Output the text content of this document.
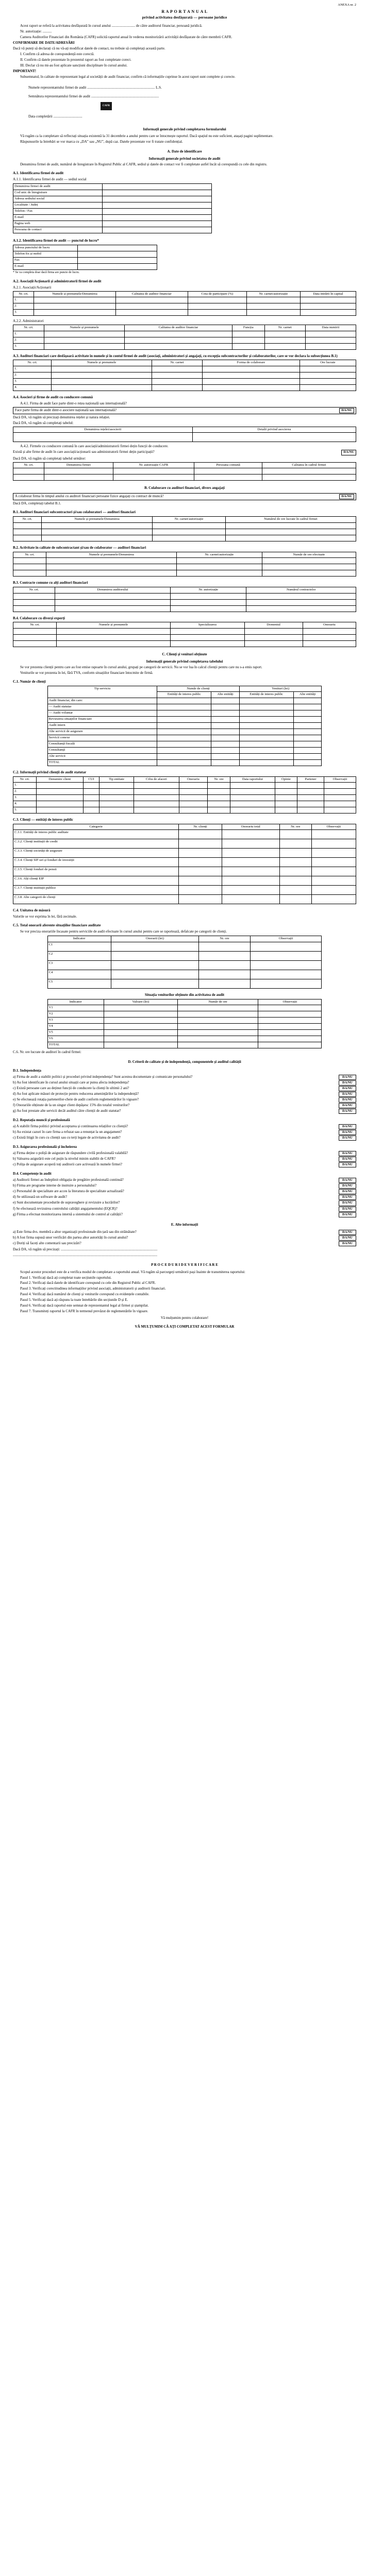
ANEXA nr. 2
R A P O R T A N U A L
privind activitatea desfășurată — persoane juridice

Acest raport se referă la activitatea desfășurată în cursul anului .......................... de către auditorul financiar, persoană juridică.

Nr. autorizație: ..........

Camera Auditorilor Financiari din România (CAFR) solicită raportul anual în vederea monitorizării activității desfășurate de către membrii CAFR.

CONFIRMARE DE DATE/ADRESĂRI

Dacă vă puteți să declarați că nu vă-ați modificat datele de contact, nu trebuie să completați această parte.

I. Confirm că adresa de corespondență este corectă.

II. Confirm că datele prezentate în prezentul raport au fost completate corect.

III. Declar că nu mi-au fost aplicate sancțiuni disciplinare în cursul anului.

IMPORTANT!

Subsemnatul, în calitate de reprezentant legal al societății de audit financiar, confirm că informațiile cuprinse în acest raport sunt complete și corecte.

Numele reprezentantului firmei de audit ........................................................................... L.S.

Semnătura reprezentantului firmei de audit ...........................................................................

CAFR

Data completării ................................

Informații generale privind completarea formularului

Vă rugăm ca la completare să reflectați situația existentă la 31 decembrie a anului pentru care se întocmește raportul. Dacă spațiul nu este suficient, atașați pagini suplimentare.

Răspunsurile la întrebări se vor marca cu „DA” sau „NU”, după caz. Datele prezentate vor fi tratate confidențial.

A. Date de identificare

Informații generale privind societatea de audit

Denumirea firmei de audit, numărul de înregistrare în Registrul Public al CAFR, sediul și datele de contact vor fi completate astfel încât să corespundă cu cele din registru.

A.1. Identificarea firmei de audit

A.1.1. Identificarea firmei de audit — sediul social

Denumirea firmei de audit	
Cod unic de înregistrare	
Adresa sediului social	
Localitate / Județ	
Telefon / Fax	
E-mail	
Pagina web	
Persoana de contact	

A.1.2. Identificarea firmei de audit — punctul de lucru*

Adresa punctului de lucru	
Telefon fix și mobil	
Fax	
E-mail	

* Se va completa doar dacă firma are puncte de lucru.

A.2. Asociații/Acționarii și administratorii firmei de audit

A.2.1. Asociații/Acționarii

Nr. crt.	Numele și prenumele/Denumirea	Calitatea de auditor financiar	Cota de participare (%)	Nr. carnet/autorizație	Data intrării în capital
1.					
2.					
3.					

A.2.2. Administratori

Nr. crt.	Numele și prenumele	Calitatea de auditor financiar	Funcția	Nr. carnet	Data numirii
1.					
2.					
3.					

A.3. Auditori financiari care desfășoară activitate în numele și în contul firmei de audit (asociați, administratori și angajați, cu excepția subcontractorilor și colaboratorilor, care se vor declara la subsecțiunea B.1)

Nr. crt.	Numele și prenumele	Nr. carnet	Forma de colaborare	Ore lucrate
1.				
2.				
3.				
4.				

A.4. Asocieri și firme de audit cu conducere comună

A.4.1. Firma de audit face parte dintr-o rețea națională sau internațională?

Face parte firma de audit dintr-o asociere națională sau internațională?	DA/NU

Dacă DA, vă rugăm să precizați denumirea rețelei și natura relației.

Dacă DA, vă rugăm să completați tabelul:

Denumirea rețelei/asocierii	Detalii privind asocierea

A.4.2. Firmele cu conducere comună în care asociații/administratorii firmei dețin funcții de conducere.

Există și alte firme de audit în care asociații/acționarii sau administratorii firmei dețin participații?	DA/NU

Dacă DA, vă rugăm să completați tabelul următor:

Nr. crt.	Denumirea firmei	Nr. autorizație CAFR	Persoana comună	Calitatea în cadrul firmei

B. Colaborare cu auditori financiari, divers angajați
A colaborat firma în timpul anului cu auditori financiari persoane fizice angajați cu contract de muncă?	DA/NU

Dacă DA, completați tabelul B.1.

B.1. Auditori financiari subcontractori și/sau colaboratori — auditori financiari

Nr. crt.	Numele și prenumele/Denumirea	Nr. carnet/autorizație	Numărul de ore lucrate în cadrul firmei

B.2. Activitate în calitate de subcontractant și/sau de colaborator — auditori financiari

Nr. crt.	Numele și prenumele/Denumirea	Nr. carnet/autorizație	Număr de ore efectuate

B.3. Contracte comune cu alți auditori financiari

Nr. crt.	Denumirea auditorului	Nr. autorizație	Numărul contractelor

B.4. Colaborare cu diverși experți

Nr. crt.	Numele și prenumele	Specializarea	Domeniul	Onorariu

C. Clienți și venituri obținute

Informații generale privind completarea tabelului

Se vor prezenta clienții pentru care au fost emise rapoarte în cursul anului, grupați pe categorii de servicii. Nu se vor lua în calcul clienții pentru care nu s-a emis raport.

Veniturile se vor prezenta în lei, fără TVA, conform situațiilor financiare întocmite de firmă.

C.1. Număr de clienți

Tip serviciu	Număr de clienți		Venituri (lei)	
	Entități de interes public	Alte entități	Entități de interes public	Alte entități
Audit financiar, din care:				
— Audit statutar				
— Audit voluntar				
Revizuirea situațiilor financiare				
Audit intern				
Alte servicii de asigurare				
Servicii conexe				
Consultanță fiscală				
Consultanță				
Alte servicii				
TOTAL				

C.2. Informații privind clienții de audit statutar

Nr. crt.	Denumire client	CUI	Tip entitate	Cifra de afaceri	Onorariu	Nr. ore	Data raportului	Opinie	Partener	Observații
1.										
2.										
3.										
4.										
5.										

C.3. Clienți — entități de interes public

Categorie	Nr. clienți	Onorariu total	Nr. ore	Observații
C.3.1. Entități de interes public auditate				
C.3.2. Clienți instituții de credit				
C.3.3. Clienți societăți de asigurare				
C.3.4. Clienți SIF-uri și fonduri de investiții				
C.3.5. Clienți fonduri de pensii				
C.3.6. Alți clienți EIP				
C.3.7. Clienți instituții publice				
C.3.8. Alte categorii de clienți				

C.4. Unitatea de măsură

Valorile se vor exprima în lei, fără zecimale.

C.5. Total onorarii aferente situațiilor financiare auditate

Se vor preciza onorariile încasate pentru serviciile de audit efectuate în cursul anului pentru care se raportează, defalcate pe categorii de clienți.

Indicator	Onorarii (lei)	Nr. ore	Observații
C1			
C2			
C3			
C4			
C5			

Situația veniturilor obținute din activitatea de audit

Indicator	Valoare (lei)	Număr de ore	Observații
V1			
V2			
V3			
V4			
V5			
V6			
TOTAL			

C.6. Nr. ore lucrate de auditori în cadrul firmei:

D. Criterii de calitate și de independență, componentele și auditul calității

D.1. Independența

a) Firma de audit a stabilit politici și proceduri privind independența? Sunt acestea documentate și comunicate personalului?	DA/NU
b) Au fost identificate în cursul anului situații care ar putea afecta independența?	DA/NU
c) Există persoane care au deținut funcții de conducere la clienți în ultimii 2 ani?	DA/NU
d) Au fost aplicate măsuri de protecție pentru reducerea amenințărilor la independență?	DA/NU
e) Se efectuează rotația partenerilor-cheie de audit conform reglementărilor în vigoare?	DA/NU
f) Onorariile obținute de la un singur client depășesc 15% din totalul veniturilor?	DA/NU
g) Au fost prestate alte servicii decât auditul către clienții de audit statutar?	DA/NU

D.2. Reputația muncii și profesională

a) A stabilit firma politici privind acceptarea și continuarea relațiilor cu clienții?	DA/NU
b) Au existat cazuri în care firma a refuzat sau a renunțat la un angajament?	DA/NU
c) Există litigii în curs cu clienții sau cu terți legate de activitatea de audit?	DA/NU

D.3. Asigurarea profesională și încheierea

a) Firma deține o poliță de asigurare de răspundere civilă profesională valabilă?	DA/NU
b) Valoarea asigurării este cel puțin la nivelul minim stabilit de CAFR?	DA/NU
c) Polița de asigurare acoperă toți auditorii care activează în numele firmei?	DA/NU

D.4. Competențe în audit

a) Auditorii firmei au îndeplinit obligația de pregătire profesională continuă?	DA/NU
b) Firma are programe interne de instruire a personalului?	DA/NU
c) Personalul de specialitate are acces la literatura de specialitate actualizată?	DA/NU
d) Se utilizează un software de audit?	DA/NU
e) Sunt documentate procedurile de supraveghere și revizuire a lucrărilor?	DA/NU
f) Se efectuează revizuirea controlului calității angajamentului (EQCR)?	DA/NU
g) Firma a efectuat monitorizarea internă a sistemului de control al calității?	DA/NU
E. Alte informații
a) Este firma dvs. membră a altor organizații profesionale din țară sau din străinătate?	DA/NU
b) A fost firma supusă unor verificări din partea altor autorități în cursul anului?	DA/NU
c) Doriți să faceți alte comentarii sau precizări?	DA/NU

Dacă DA, vă rugăm să precizați: ...........................................................................................................

................................................................................................................................................................

P R O C E D U R I D E V E R I F I C A R E

Scopul acestor proceduri este de a verifica modul de completare a raportului anual. Vă rugăm să parcurgeți următorii pași înainte de transmiterea raportului:

Pasul 1. Verificați dacă ați completat toate secțiunile raportului.

Pasul 2. Verificați dacă datele de identificare corespund cu cele din Registrul Public al CAFR.

Pasul 3. Verificați corectitudinea informațiilor privind asociații, administratorii și auditorii financiari.

Pasul 4. Verificați dacă numărul de clienți și veniturile corespund cu evidențele contabile.

Pasul 5. Verificați dacă ați răspuns la toate întrebările din secțiunile D și E.

Pasul 6. Verificați dacă raportul este semnat de reprezentantul legal al firmei și ștampilat.

Pasul 7. Transmiteți raportul la CAFR în termenul prevăzut de reglementările în vigoare.

Vă mulțumim pentru colaborare!

VĂ MULȚUMIM CĂ AȚI COMPLETAT ACEST FORMULAR
